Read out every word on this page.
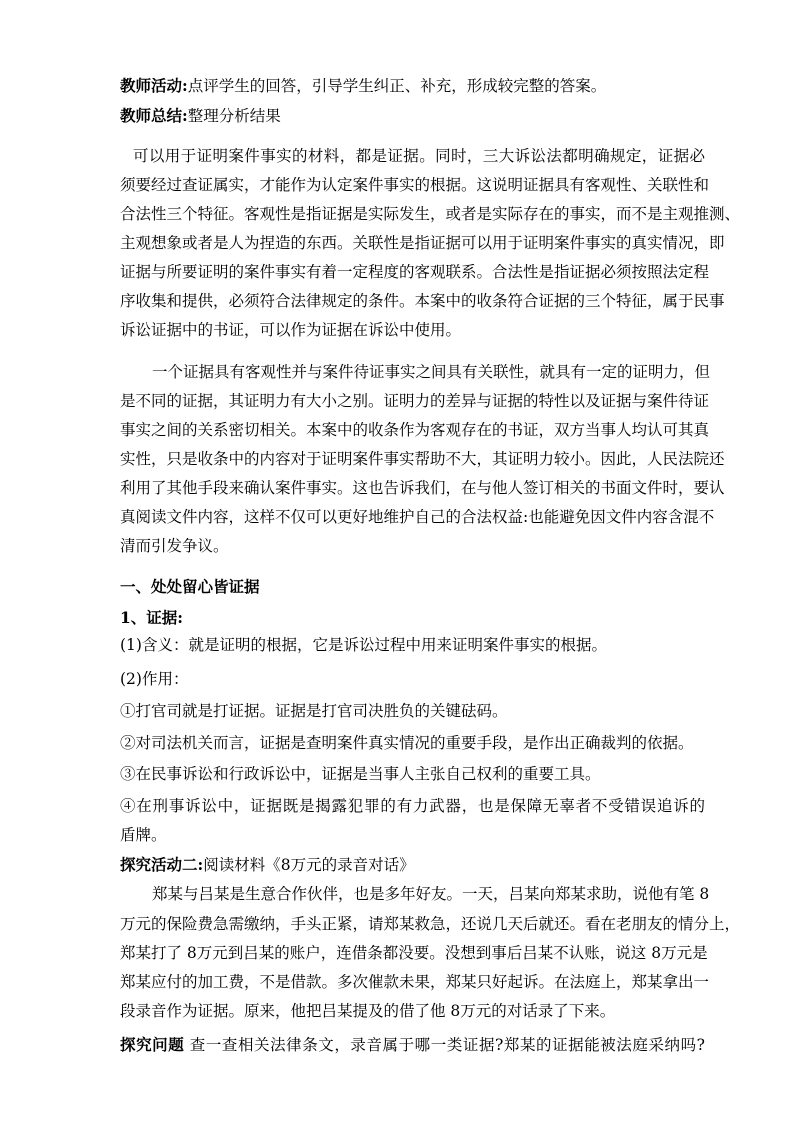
教师活动:点评学生的回答，引导学生纠正、补充，形成较完整的答案。
教师总结:整理分析结果
可以用于证明案件事实的材料，都是证据。同时，三大诉讼法都明确规定，证据必
须要经过查证属实，才能作为认定案件事实的根据。这说明证据具有客观性、关联性和
合法性三个特征。客观性是指证据是实际发生，或者是实际存在的事实，而不是主观推测、
主观想象或者是人为捏造的东西。关联性是指证据可以用于证明案件事实的真实情况，即
证据与所要证明的案件事实有着一定程度的客观联系。合法性是指证据必须按照法定程
序收集和提供，必须符合法律规定的条件。本案中的收条符合证据的三个特征，属于民事
诉讼证据中的书证，可以作为证据在诉讼中使用。
一个证据具有客观性并与案件待证事实之间具有关联性，就具有一定的证明力，但
是不同的证据，其证明力有大小之别。证明力的差异与证据的特性以及证据与案件待证
事实之间的关系密切相关。本案中的收条作为客观存在的书证，双方当事人均认可其真
实性，只是收条中的内容对于证明案件事实帮助不大，其证明力较小。因此，人民法院还
利用了其他手段来确认案件事实。这也告诉我们，在与他人签订相关的书面文件时，要认
真阅读文件内容，这样不仅可以更好地维护自己的合法权益:也能避免因文件内容含混不
清而引发争议。
一、处处留心皆证据
1、证据:
(1)含义：就是证明的根据，它是诉讼过程中用来证明案件事实的根据。
(2)作用：
①打官司就是打证据。证据是打官司决胜负的关键砝码。
②对司法机关而言，证据是查明案件真实情况的重要手段，是作出正确裁判的依据。
③在民事诉讼和行政诉讼中，证据是当事人主张自己权利的重要工具。
④在刑事诉讼中，证据既是揭露犯罪的有力武器，也是保障无辜者不受错误追诉的
盾牌。
探究活动二:阅读材料《8万元的录音对话》
郑某与吕某是生意合作伙伴，也是多年好友。一天，吕某向郑某求助，说他有笔 8
万元的保险费急需缴纳，手头正紧，请郑某救急，还说几天后就还。看在老朋友的情分上，
郑某打了 8万元到吕某的账户，连借条都没要。没想到事后吕某不认账，说这 8万元是
郑某应付的加工费，不是借款。多次催款未果，郑某只好起诉。在法庭上，郑某拿出一
段录音作为证据。原来，他把吕某提及的借了他 8万元的对话录了下来。
探究问题 查一查相关法律条文，录音属于哪一类证据?郑某的证据能被法庭采纳吗?
